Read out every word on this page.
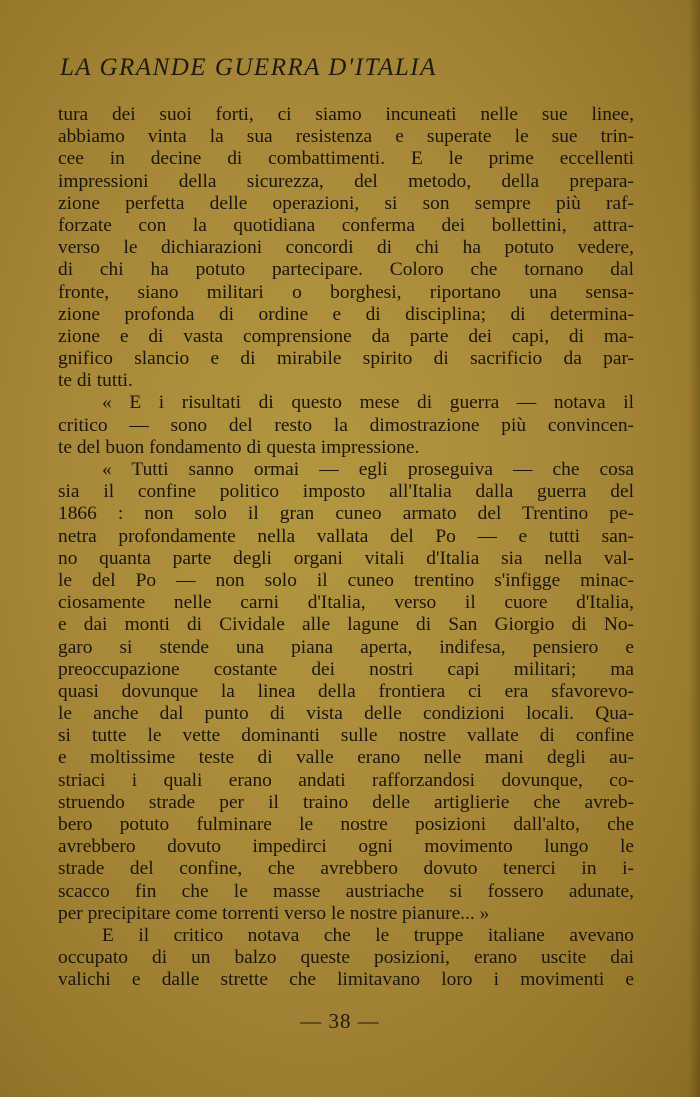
LA GRANDE GUERRA D'ITALIA
tura dei suoi forti, ci siamo incuneati nelle sue linee,
abbiamo vinta la sua resistenza e superate le sue trin-
cee in decine di combattimenti. E le prime eccellenti
impressioni della sicurezza, del metodo, della prepara-
zione perfetta delle operazioni, si son sempre più raf-
forzate con la quotidiana conferma dei bollettini, attra-
verso le dichiarazioni concordi di chi ha potuto vedere,
di chi ha potuto partecipare. Coloro che tornano dal
fronte, siano militari o borghesi, riportano una sensa-
zione profonda di ordine e di disciplina; di determina-
zione e di vasta comprensione da parte dei capi, di ma-
gnifico slancio e di mirabile spirito di sacrificio da par-
te di tutti.
« E i risultati di questo mese di guerra — notava il
critico — sono del resto la dimostrazione più convincen-
te del buon fondamento di questa impressione.
« Tutti sanno ormai — egli proseguiva — che cosa
sia il confine politico imposto all'Italia dalla guerra del
1866 : non solo il gran cuneo armato del Trentino pe-
netra profondamente nella vallata del Po — e tutti san-
no quanta parte degli organi vitali d'Italia sia nella val-
le del Po — non solo il cuneo trentino s'infigge minac-
ciosamente nelle carni d'Italia, verso il cuore d'Italia,
e dai monti di Cividale alle lagune di San Giorgio di No-
garo si stende una piana aperta, indifesa, pensiero e
preoccupazione costante dei nostri capi militari; ma
quasi dovunque la linea della frontiera ci era sfavorevo-
le anche dal punto di vista delle condizioni locali. Qua-
si tutte le vette dominanti sulle nostre vallate di confine
e moltissime teste di valle erano nelle mani degli au-
striaci i quali erano andati rafforzandosi dovunque, co-
struendo strade per il traino delle artiglierie che avreb-
bero potuto fulminare le nostre posizioni dall'alto, che
avrebbero dovuto impedirci ogni movimento lungo le
strade del confine, che avrebbero dovuto tenerci in i-
scacco fin che le masse austriache si fossero adunate,
per precipitare come torrenti verso le nostre pianure... »
E il critico notava che le truppe italiane avevano
occupato di un balzo queste posizioni, erano uscite dai
valichi e dalle strette che limitavano loro i movimenti e
— 38 —
